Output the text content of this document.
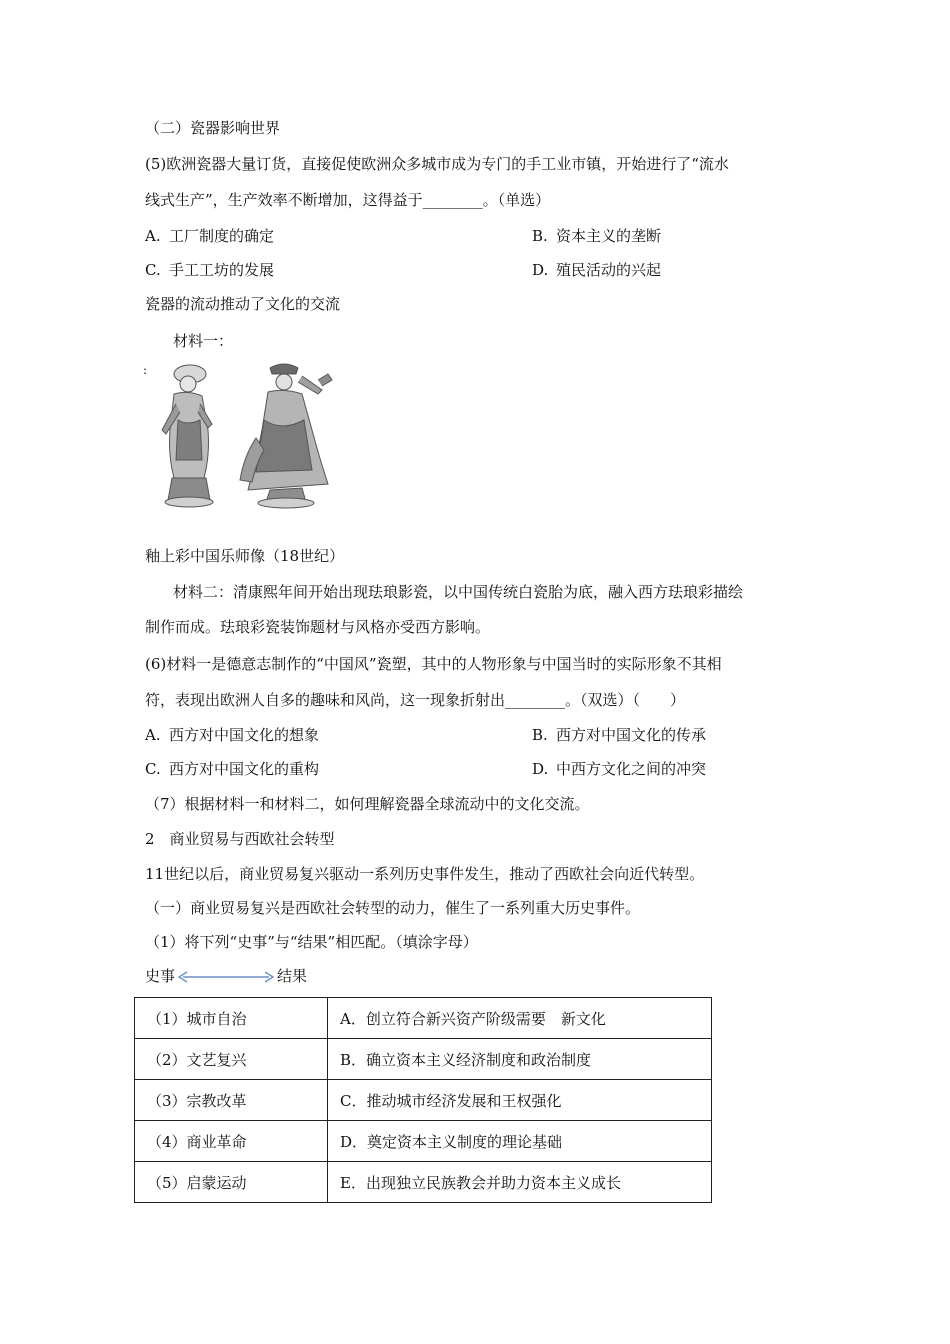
（二）瓷器影响世界
(5)欧洲瓷器大量订货，直接促使欧洲众多城市成为专门的手工业市镇，开始进行了“流水
线式生产”，生产效率不断增加，这得益于________。（单选）
A. 工厂制度的确定	B. 资本主义的垄断
C. 手工工坊的发展	D. 殖民活动的兴起
瓷器的流动推动了文化的交流
材料一：
:
釉上彩中国乐师像（18世纪）
材料二：清康熙年间开始出现珐琅影瓷，以中国传统白瓷胎为底，融入西方珐琅彩描绘
制作而成。珐琅彩瓷装饰题材与风格亦受西方影响。
(6)材料一是德意志制作的“中国风”瓷塑，其中的人物形象与中国当时的实际形象不其相
符，表现出欧洲人自多的趣味和风尚，这一现象折射出________。（双选）（　　）
A. 西方对中国文化的想象	B. 西方对中国文化的传承
C. 西方对中国文化的重构	D. 中西方文化之间的冲突
（7）根据材料一和材料二，如何理解瓷器全球流动中的文化交流。
2　商业贸易与西欧社会转型
11世纪以后，商业贸易复兴驱动一系列历史事件发生，推动了西欧社会向近代转型。
（一）商业贸易复兴是西欧社会转型的动力，催生了一系列重大历史事件。
（1）将下列“史事”与“结果”相匹配。（填涂字母）
史事	结果
（1）城市自治	A．创立符合新兴资产阶级需要　新文化
（2）文艺复兴	B．确立资本主义经济制度和政治制度
（3）宗教改革	C．推动城市经济发展和王权强化
（4）商业革命	D．奠定资本主义制度的理论基础
（5）启蒙运动	E．出现独立民族教会并助力资本主义成长
